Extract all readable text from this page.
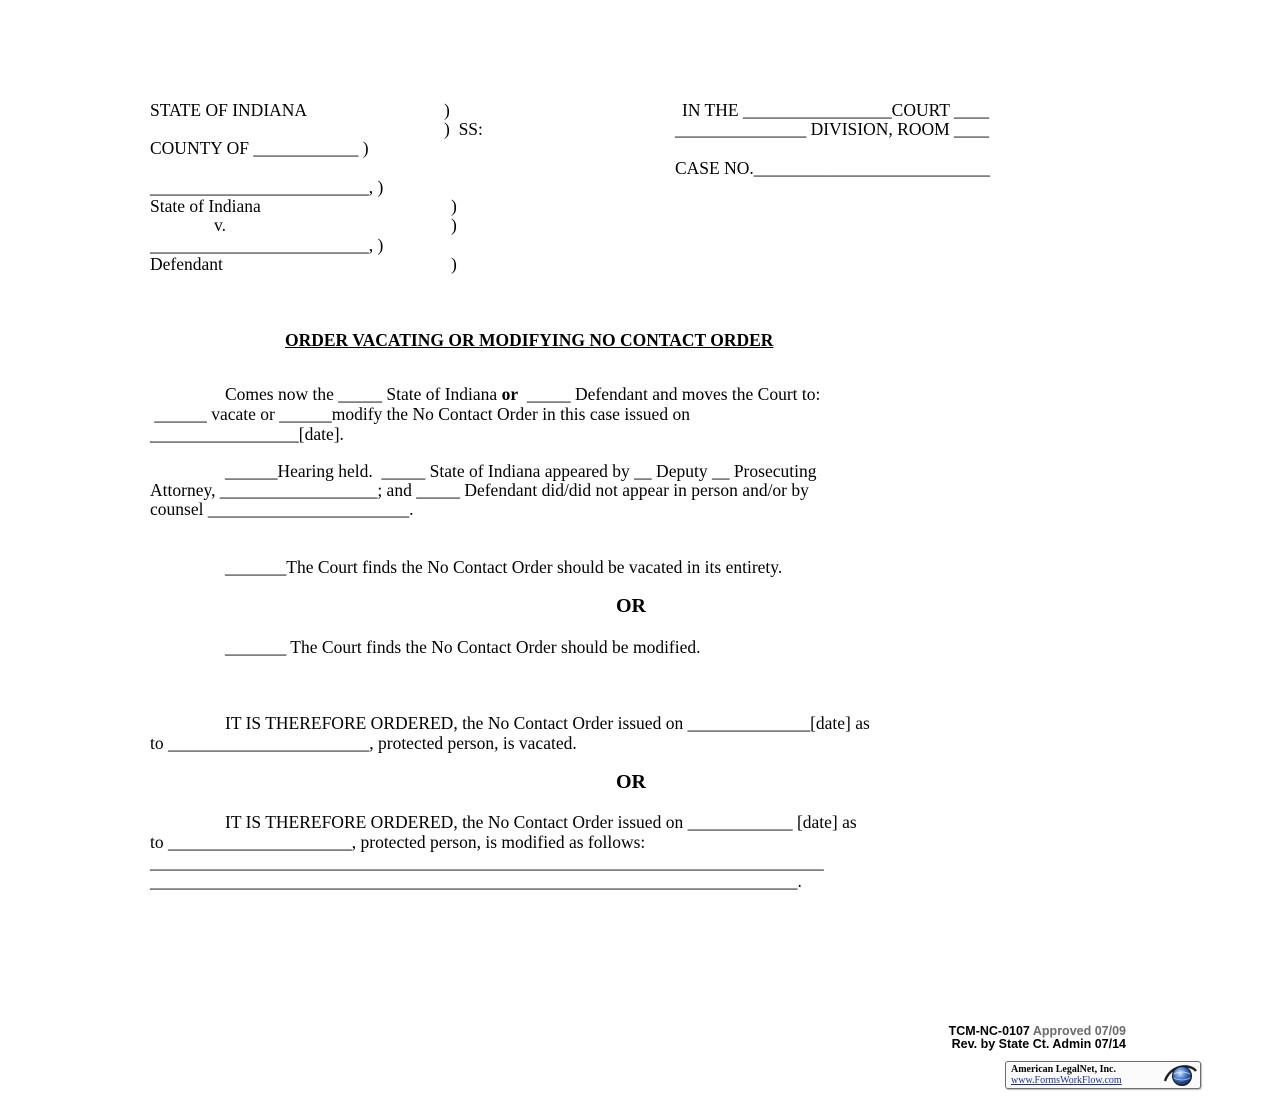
STATE OF INDIANA	)
)  SS:
COUNTY OF ____________ )
IN THE _________________COURT ____
_______________ DIVISION, ROOM ____
CASE NO.___________________________
_________________________, )
State of Indiana	)
v.	)
_________________________, )
Defendant	)
ORDER VACATING OR MODIFYING NO CONTACT ORDER
Comes now the _____ State of Indiana or  _____ Defendant and moves the Court to:
______ vacate or ______modify the No Contact Order in this case issued on
_________________[date].
______Hearing held.  _____ State of Indiana appeared by __ Deputy __ Prosecuting
Attorney, __________________; and _____ Defendant did/did not appear in person and/or by
counsel _______________________.
_______The Court finds the No Contact Order should be vacated in its entirety.
OR
_______ The Court finds the No Contact Order should be modified.
IT IS THEREFORE ORDERED, the No Contact Order issued on ______________[date] as
to _______________________, protected person, is vacated.
OR
IT IS THEREFORE ORDERED, the No Contact Order issued on ____________ [date] as
to _____________________, protected person, is modified as follows:
_____________________________________________________________________________
__________________________________________________________________________.
TCM-NC-0107 Approved 07/09
Rev. by State Ct. Admin 07/14
American LegalNet, Inc.
www.FormsWorkFlow.com
